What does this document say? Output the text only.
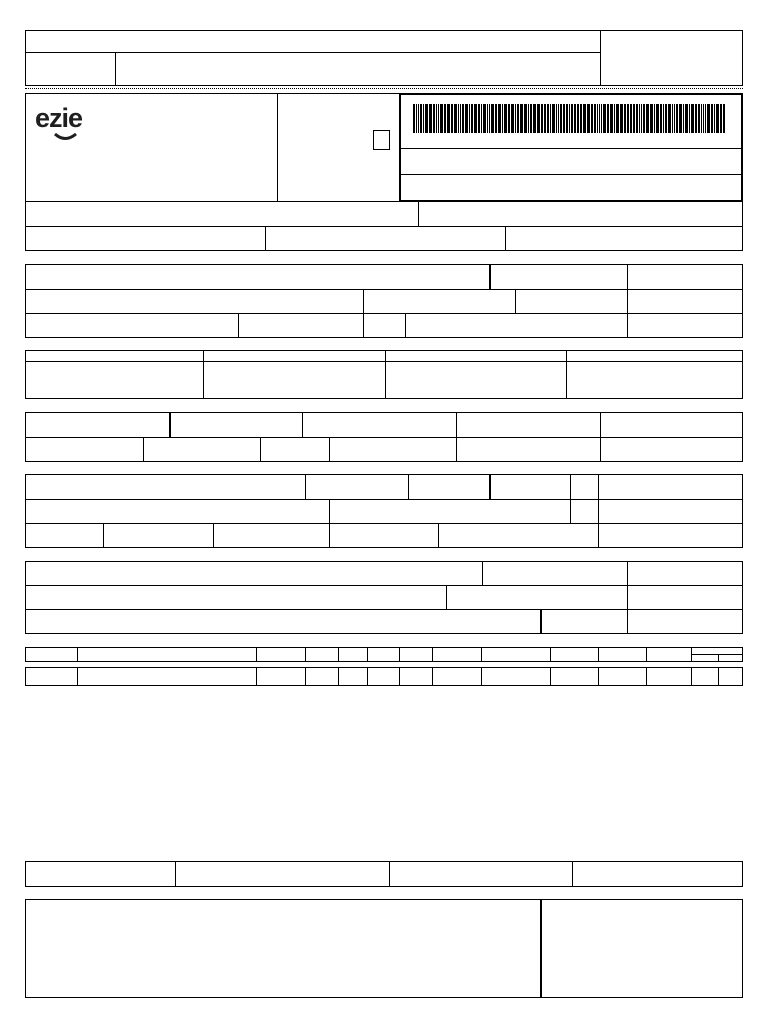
ezie
